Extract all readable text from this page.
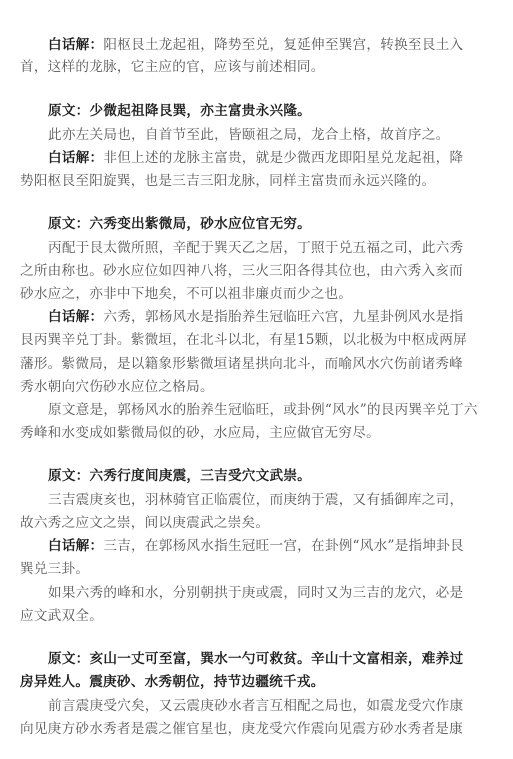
白话解：阳枢艮土龙起祖，降势至兑，复延伸至巽宫，转换至艮土入
首，这样的龙脉，它主应的官，应该与前述相同。
原文：少微起祖降艮巽，亦主富贵永兴隆。
此亦左关局也，自首节至此，皆颐祖之局，龙合上格，故首序之。
白话解：非但上述的龙脉主富贵，就是少微西龙即阳星兑龙起祖，降
势阳枢艮至阳旋巽，也是三吉三阳龙脉，同样主富贵而永远兴隆的。
原文：六秀变出紫微局，砂水应位官无穷。
丙配于艮太微所照，辛配于巽天乙之居，丁照于兑五福之司，此六秀
之所由称也。砂水应位如四神八将，三火三阳各得其位也，由六秀入亥而
砂水应之，亦非中下地矣，不可以祖非廉贞而少之也。
白话解：六秀，郭杨风水是指胎养生冠临旺六宫，九星卦例风水是指
艮丙巽辛兑丁卦。紫微垣，在北斗以北，有星15颗，以北极为中枢成两屏
藩形。紫微局，是以籍象形紫微垣诸星拱向北斗，而喻风水穴伤前诸秀峰
秀水朝向穴伤砂水应位之格局。
原文意是，郭杨风水的胎养生冠临旺，或卦例“风水”的艮丙巽辛兑丁六
秀峰和水变成如紫微局似的砂，水应局，主应做官无穷尽。
原文：六秀行度间庚震，三吉受穴文武崇。
三吉震庚亥也，羽林骑官正临震位，而庚纳于震，又有插御库之司，
故六秀之应文之崇，间以庚震武之崇矣。
白话解：三吉，在郭杨风水指生冠旺一宫，在卦例“风水”是指坤卦艮
巽兑三卦。
如果六秀的峰和水，分别朝拱于庚或震，同时又为三吉的龙穴，必是
应文武双全。
原文：亥山一丈可至富，巽水一勺可救贫。辛山十文富相亲，难养过
房异姓人。震庚砂、水秀朝位，持节边疆统千戎。
前言震庚受穴矣，又云震庚砂水者言互相配之局也，如震龙受穴作康
向见庚方砂水秀者是震之催官星也，庚龙受穴作震向见震方砂水秀者是康
